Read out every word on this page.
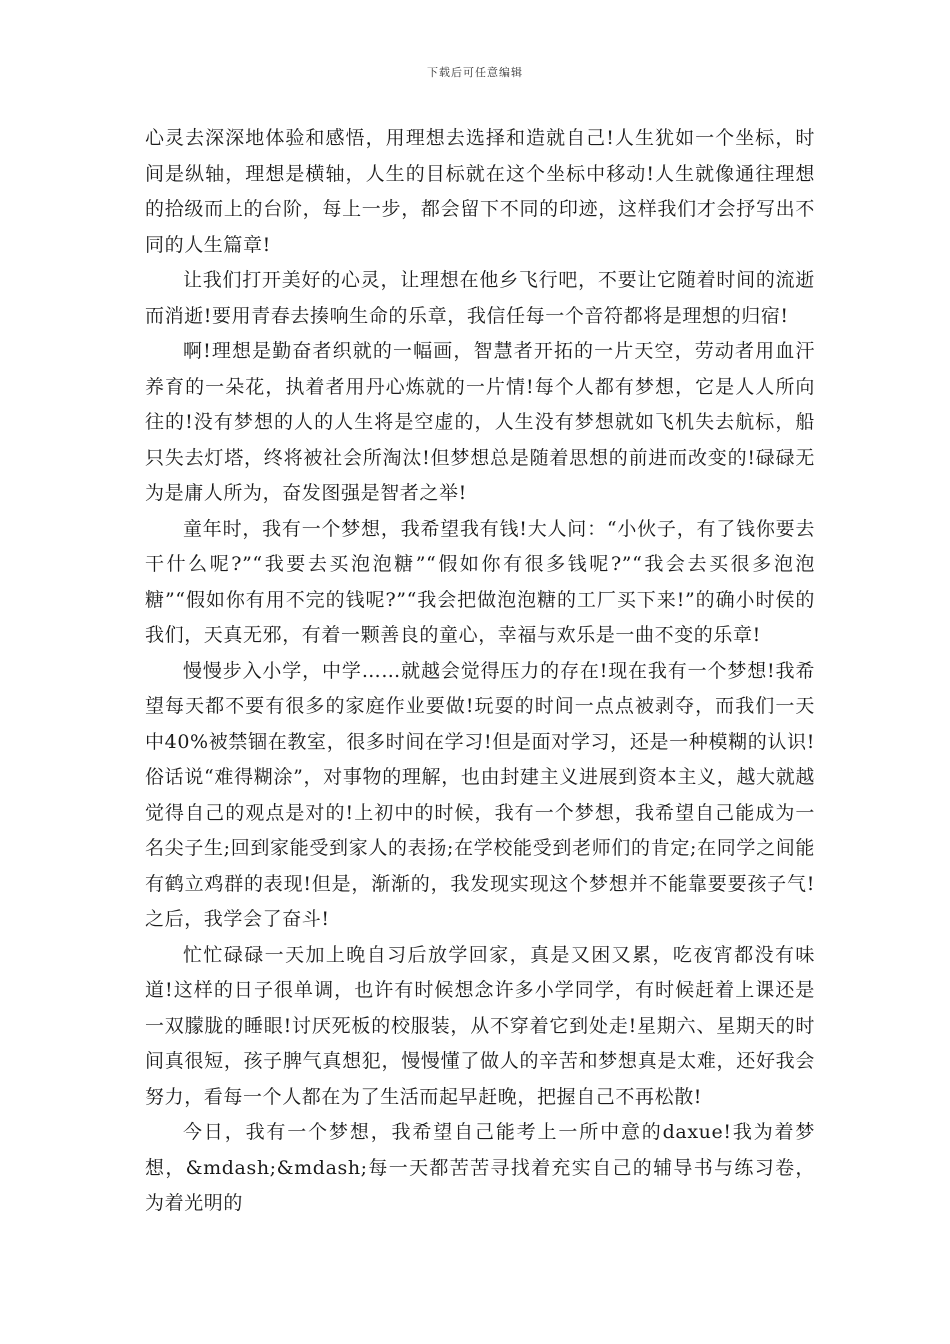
下载后可任意编辑

心灵去深深地体验和感悟，用理想去选择和造就自己!人生犹如一个坐标，时间是纵轴，理想是横轴，人生的目标就在这个坐标中移动!人生就像通往理想的拾级而上的台阶，每上一步，都会留下不同的印迹，这样我们才会抒写出不同的人生篇章!

让我们打开美好的心灵，让理想在他乡飞行吧，不要让它随着时间的流逝而消逝!要用青春去揍响生命的乐章，我信任每一个音符都将是理想的归宿!

啊!理想是勤奋者织就的一幅画，智慧者开拓的一片天空，劳动者用血汗养育的一朵花，执着者用丹心炼就的一片情!每个人都有梦想，它是人人所向往的!没有梦想的人的人生将是空虚的，人生没有梦想就如飞机失去航标，船只失去灯塔，终将被社会所淘汰!但梦想总是随着思想的前进而改变的!碌碌无为是庸人所为，奋发图强是智者之举!

童年时，我有一个梦想，我希望我有钱!大人问：“小伙子，有了钱你要去干什么呢?”“我要去买泡泡糖”“假如你有很多钱呢?”“我会去买很多泡泡糖”“假如你有用不完的钱呢?”“我会把做泡泡糖的工厂买下来!”的确小时侯的我们，天真无邪，有着一颗善良的童心，幸福与欢乐是一曲不变的乐章!

慢慢步入小学，中学……就越会觉得压力的存在!现在我有一个梦想!我希望每天都不要有很多的家庭作业要做!玩耍的时间一点点被剥夺，而我们一天中40%被禁锢在教室，很多时间在学习!但是面对学习，还是一种模糊的认识!俗话说“难得糊涂”，对事物的理解，也由封建主义进展到资本主义，越大就越觉得自己的观点是对的!上初中的时候，我有一个梦想，我希望自己能成为一名尖子生;回到家能受到家人的表扬;在学校能受到老师们的肯定;在同学之间能有鹤立鸡群的表现!但是，渐渐的，我发现实现这个梦想并不能靠要要孩子气!之后，我学会了奋斗!

忙忙碌碌一天加上晚自习后放学回家，真是又困又累，吃夜宵都没有味道!这样的日子很单调，也许有时候想念许多小学同学，有时候赶着上课还是一双朦胧的睡眼!讨厌死板的校服装，从不穿着它到处走!星期六、星期天的时间真很短，孩子脾气真想犯，慢慢懂了做人的辛苦和梦想真是太难，还好我会努力，看每一个人都在为了生活而起早赶晚，把握自己不再松散!

今日，我有一个梦想，我希望自己能考上一所中意的daxue!我为着梦想，&mdash;&mdash;每一天都苦苦寻找着充实自己的辅导书与练习卷，为着光明的
